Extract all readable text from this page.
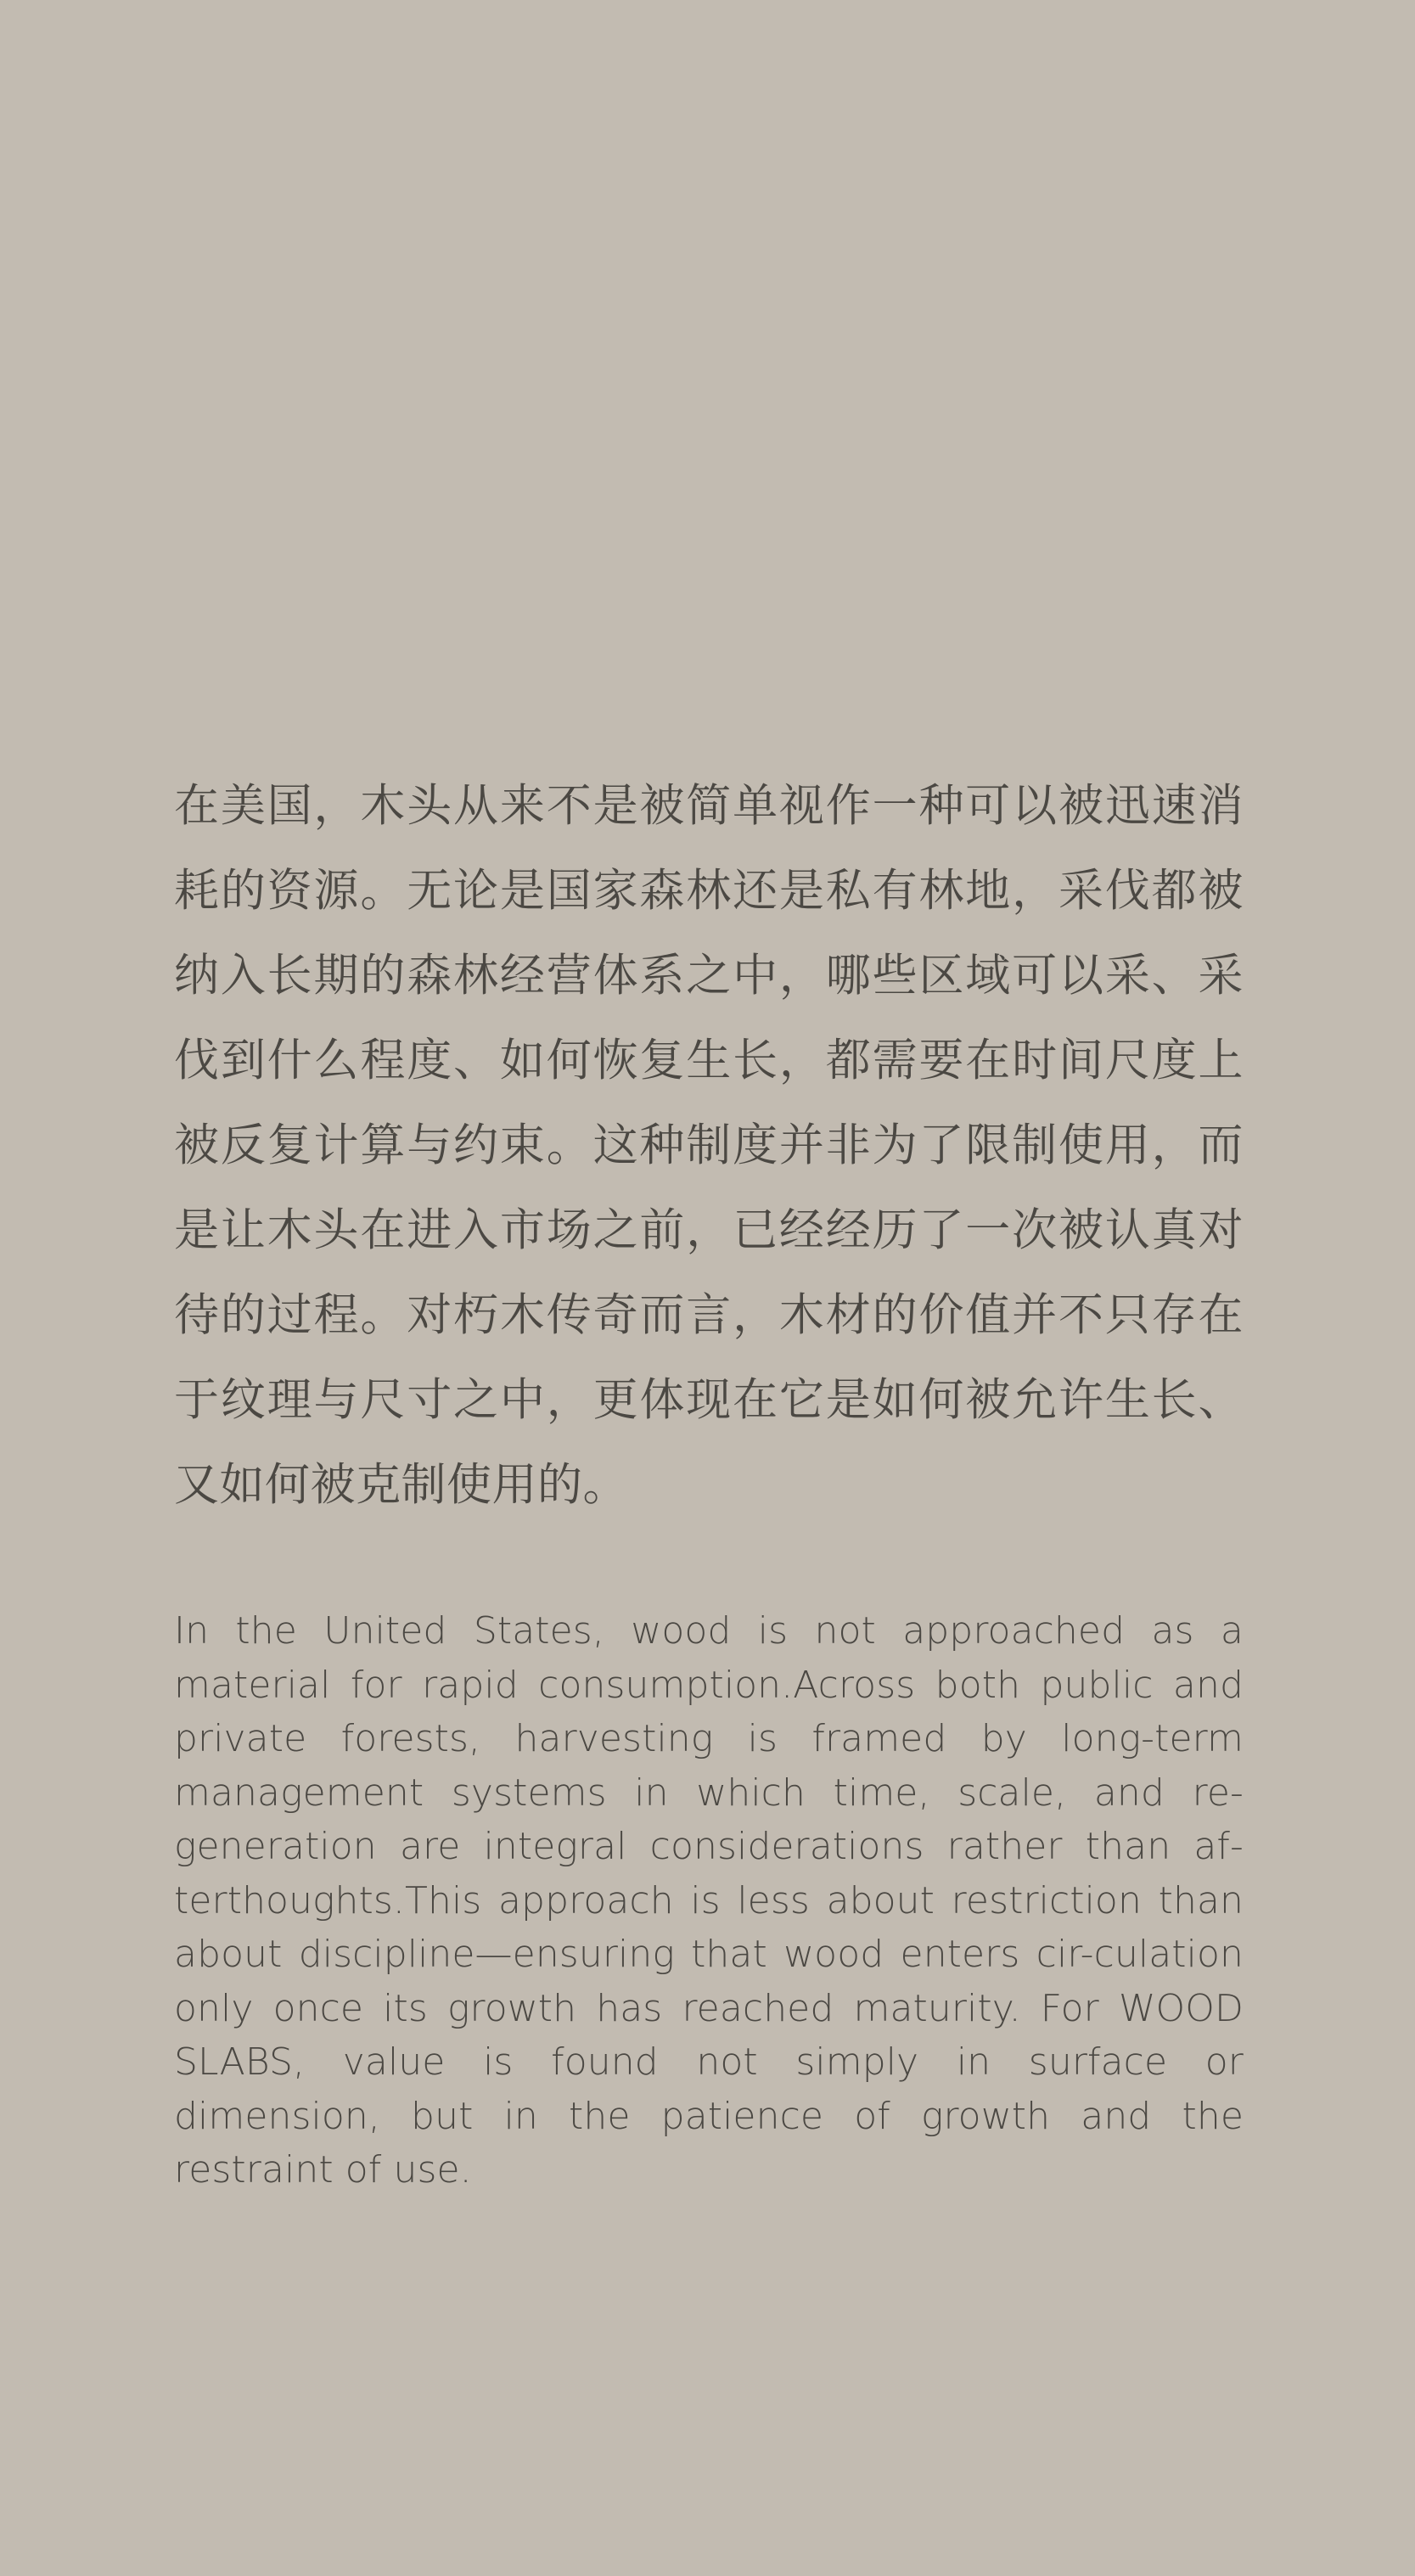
在美国，木头从来不是被简单视作一种可以被迅速消耗的资源。无论是国家森林还是私有林地，采伐都被纳入长期的森林经营体系之中，哪些区域可以采、采伐到什么程度、如何恢复生长，都需要在时间尺度上被反复计算与约束。这种制度并非为了限制使用，而是让木头在进入市场之前，已经经历了一次被认真对待的过程。对朽木传奇而言，木材的价值并不只存在于纹理与尺寸之中，更体现在它是如何被允许生长、又如何被克制使用的。

In the United States, wood is not approached as a material for rapid consumption.Across both public and private forests, harvesting is framed by long-term management systems in which time, scale, and re-generation are integral considerations rather than af-terthoughts.This approach is less about restriction than about discipline—ensuring that wood enters cir-culation only once its growth has reached maturity. For WOOD SLABS, value is found not simply in surface or dimension, but in the patience of growth and the restraint of use.
